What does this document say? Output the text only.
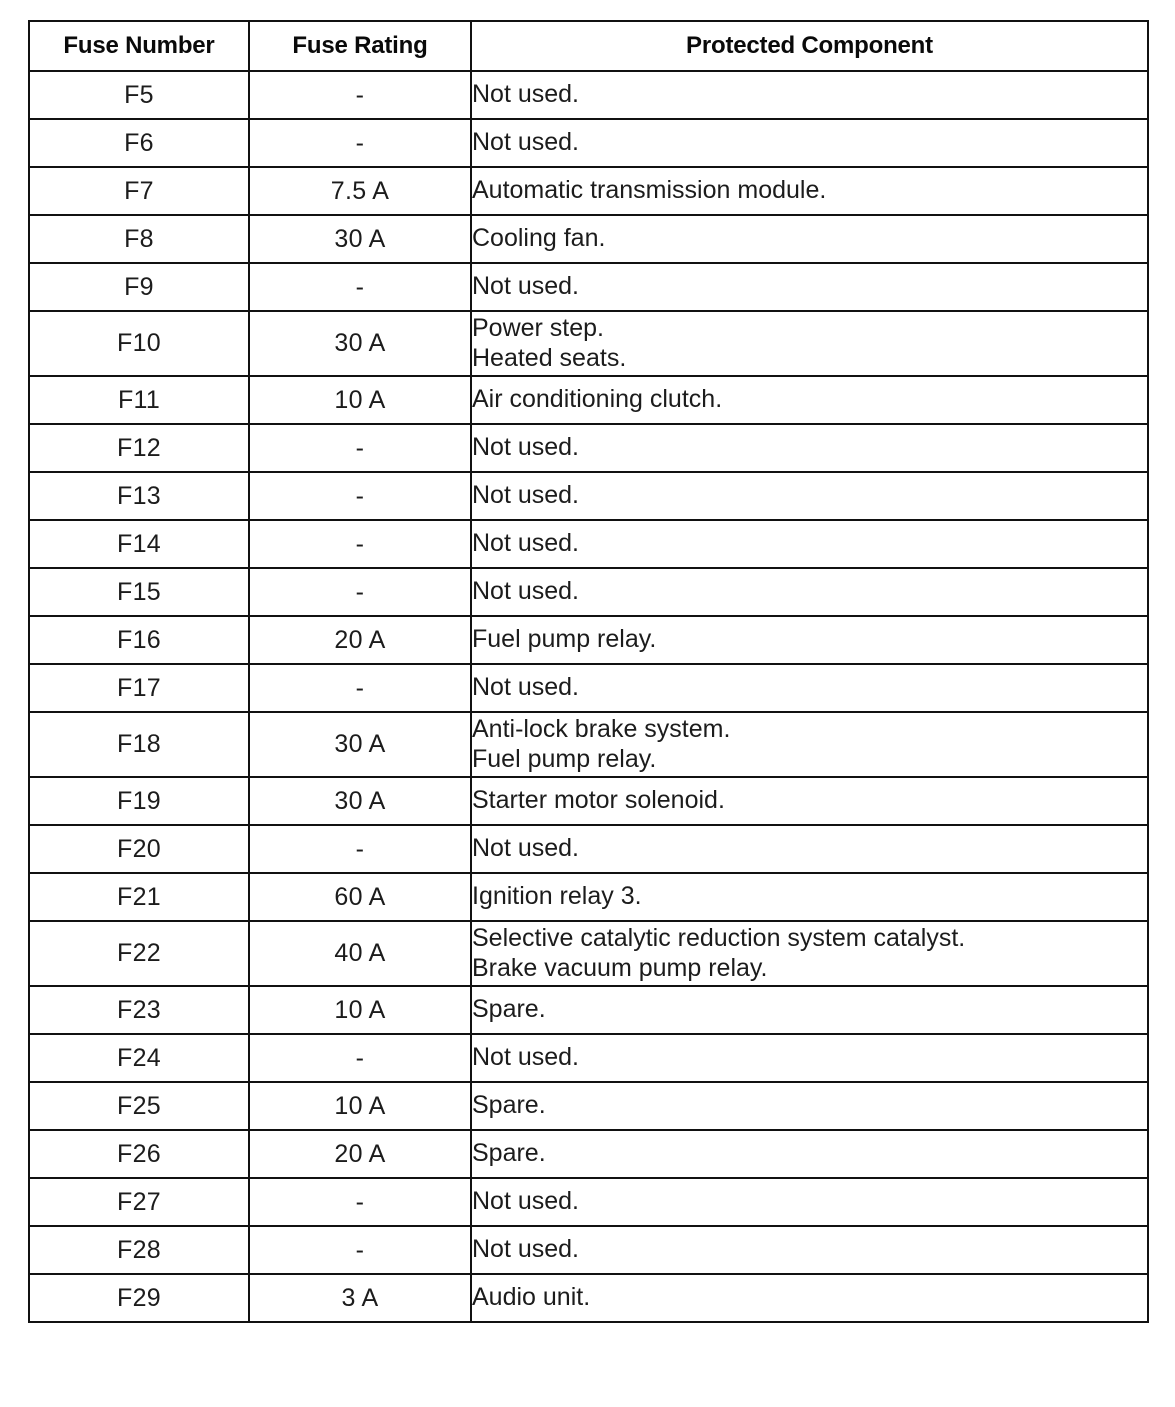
Fuse Number	Fuse Rating	Protected Component
F5	-	Not used.

F6	-	Not used.

F7	7.5 A	Automatic transmission module.

F8	30 A	Cooling fan.

F9	-	Not used.

F10	30 A	Power step.
Heated seats.

F11	10 A	Air conditioning clutch.

F12	-	Not used.

F13	-	Not used.

F14	-	Not used.

F15	-	Not used.

F16	20 A	Fuel pump relay.

F17	-	Not used.

F18	30 A	Anti-lock brake system.
Fuel pump relay.

F19	30 A	Starter motor solenoid.

F20	-	Not used.

F21	60 A	Ignition relay 3.

F22	40 A	Selective catalytic reduction system catalyst.
Brake vacuum pump relay.

F23	10 A	Spare.

F24	-	Not used.

F25	10 A	Spare.

F26	20 A	Spare.

F27	-	Not used.

F28	-	Not used.

F29	3 A	Audio unit.
